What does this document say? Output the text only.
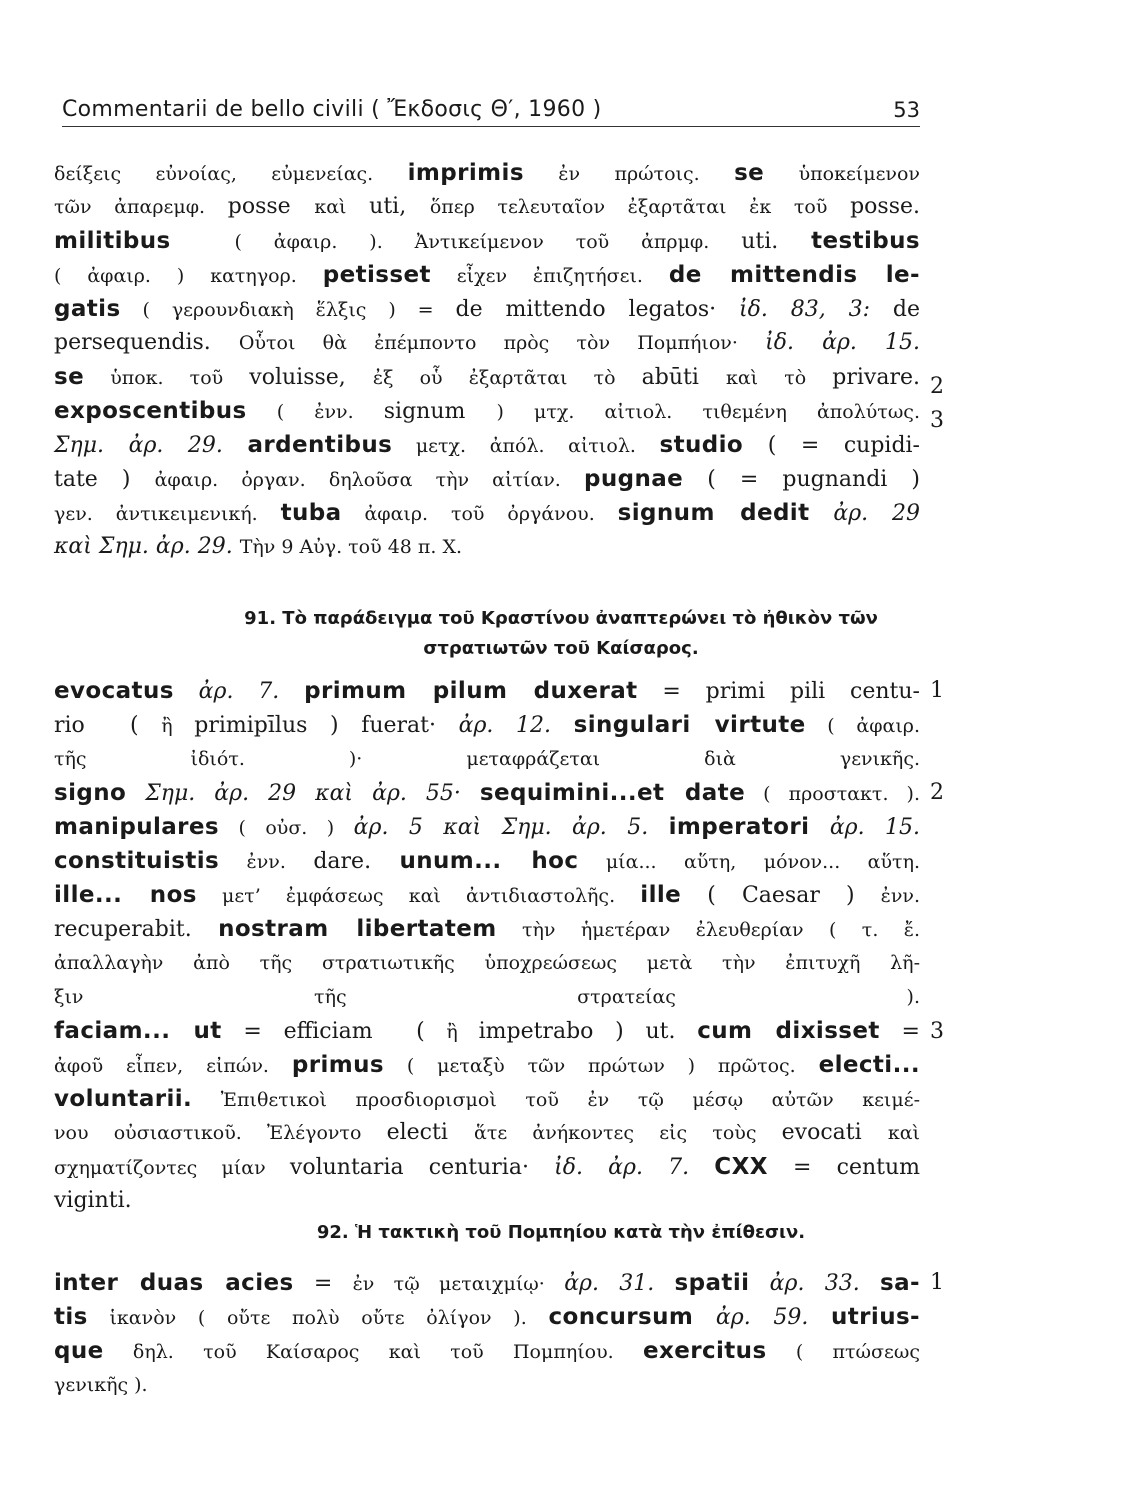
Commentarii de bello civili ( Ἔκδοσις Θ′, 1960 )	53
δείξεις εὐνοίας, εὐμενείας. imprimis ἐν πρώτοις. se ὑποκείμενον
τῶν ἀπαρεμφ. posse καὶ uti, ὅπερ τελευταῖον ἐξαρτᾶται ἐκ τοῦ posse.
militibus  ( ἀφαιρ. ). Ἀντικείμενον τοῦ ἀπρμφ. uti. testibus
( ἀφαιρ. ) κατηγορ. petisset εἶχεν ἐπιζητήσει. de mittendis le-
gatis ( γερουνδιακὴ ἕλξις ) = de mittendo legatos· ἰδ. 83, 3: de
persequendis. Οὗτοι θὰ ἐπέμποντο πρὸς τὸν Πομπήιον· ἰδ. ἀρ. 15.
se ὑποκ. τοῦ voluisse, ἐξ οὗ ἐξαρτᾶται τὸ abūti καὶ τὸ privare.
exposcentibus ( ἐνν. signum ) μτχ. αἰτιολ. τιθεμένη ἀπολύτως.
Σημ. ἀρ. 29. ardentibus μετχ. ἀπόλ. αἰτιολ. studio ( = cupidi-
tate ) ἀφαιρ. ὀργαν. δηλοῦσα τὴν αἰτίαν. pugnae ( = pugnandi )
γεν. ἀντικειμενική. tuba ἀφαιρ. τοῦ ὀργάνου. signum dedit ἀρ. 29
καὶ Σημ. ἀρ. 29. Τὴν 9 Αὐγ. τοῦ 48 π. Χ.
91. Τὸ παράδειγμα τοῦ Κραστίνου ἀναπτερώνει τὸ ἠθικὸν τῶν
στρατιωτῶν τοῦ Καίσαρος.
evocatus ἀρ. 7. primum pilum duxerat = primi pili centu-
rio  ( ἢ primipīlus ) fuerat· ἀρ. 12. singulari virtute ( ἀφαιρ.
τῆς ἰδιότ. )· μεταφράζεται διὰ γενικῆς.
signo Σημ. ἀρ. 29 καὶ ἀρ. 55· sequimini...et date ( προστακτ. ).
manipulares ( οὐσ. ) ἀρ. 5 καὶ Σημ. ἀρ. 5. imperatori ἀρ. 15.
constituistis ἐνν. dare. unum... hoc μία... αὕτη, μόνον... αὕτη.
ille... nos μετ’ ἐμφάσεως καὶ ἀντιδιαστολῆς. ille ( Caesar ) ἐνν.
recuperabit. nostram libertatem τὴν ἡμετέραν ἐλευθερίαν ( τ. ἔ.
ἀπαλλαγὴν ἀπὸ τῆς στρατιωτικῆς ὑποχρεώσεως μετὰ τὴν ἐπιτυχῆ λῆ-
ξιν τῆς στρατείας ).
faciam... ut = efficiam  ( ἢ impetrabo ) ut. cum dixisset =
ἀφοῦ εἶπεν, εἰπών. primus ( μεταξὺ τῶν πρώτων ) πρῶτος. electi...
voluntarii. Ἐπιθετικοὶ προσδιορισμοὶ τοῦ ἐν τῷ μέσῳ αὐτῶν κειμέ-
νου οὐσιαστικοῦ. Ἐλέγοντο electi ἅτε ἀνήκοντες εἰς τοὺς evocati καὶ
σχηματίζοντες μίαν voluntaria centuria· ἰδ. ἀρ. 7. CXX = centum
viginti.
92. Ἡ τακτικὴ τοῦ Πομπηίου κατὰ τὴν ἐπίθεσιν.
inter duas acies = ἐν τῷ μεταιχμίῳ· ἀρ. 31. spatii ἀρ. 33. sa-
tis ἱκανὸν ( οὔτε πολὺ οὔτε ὀλίγον ). concursum ἀρ. 59. utrius-
que δηλ. τοῦ Καίσαρος καὶ τοῦ Πομπηίου. exercitus ( πτώσεως
γενικῆς ).
2
3
1
2
3
1
